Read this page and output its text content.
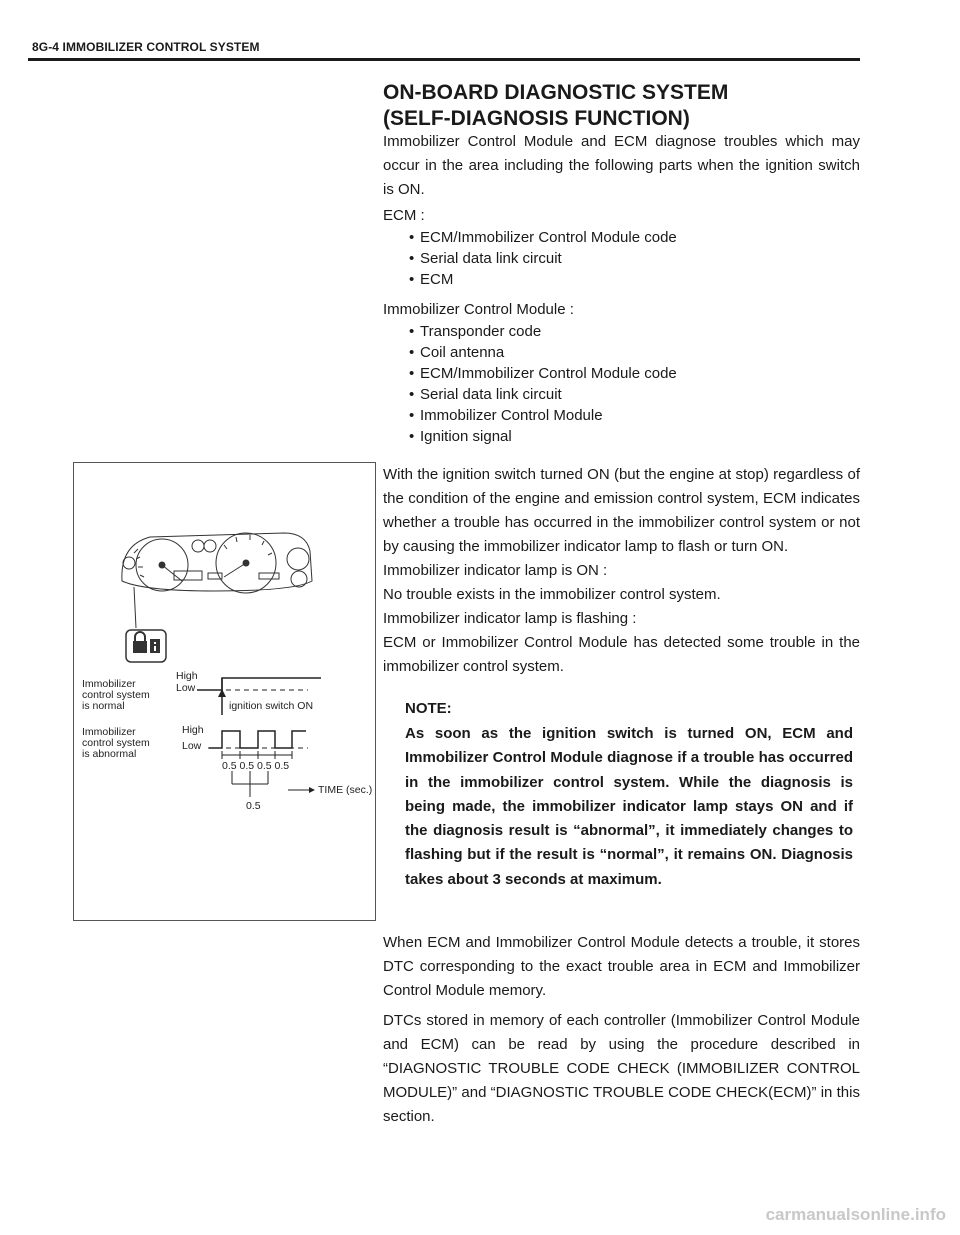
8G-4 IMMOBILIZER CONTROL SYSTEM
ON-BOARD DIAGNOSTIC SYSTEM
(SELF-DIAGNOSIS FUNCTION)

Immobilizer Control Module and ECM diagnose troubles which may occur in the area including the following parts when the ignition switch is ON.

ECM :

• ECM/Immobilizer Control Module code
• Serial data link circuit
• ECM

Immobilizer Control Module :

• Transponder code
• Coil antenna
• ECM/Immobilizer Control Module code
• Serial data link circuit
• Immobilizer Control Module
• Ignition signal

With the ignition switch turned ON (but the engine at stop) regardless of the condition of the engine and emission control system, ECM indicates whether a trouble has occurred in the immobilizer control system or not by causing the immobilizer indicator lamp to flash or turn ON.

Immobilizer indicator lamp is ON :

No trouble exists in the immobilizer control system.

Immobilizer indicator lamp is flashing :

ECM or Immobilizer Control Module has detected some trouble in the immobilizer control system.

NOTE:

As soon as the ignition switch is turned ON, ECM and Immobilizer Control Module diagnose if a trouble has occurred in the immobilizer control system. While the diagnosis is being made, the immobilizer indicator lamp stays ON and if the diagnosis result is “abnormal”, it immediately changes to flashing but if the result is “normal”, it remains ON. Diagnosis takes about 3 seconds at maximum.

When ECM and Immobilizer Control Module detects a trouble, it stores DTC corresponding to the exact trouble area in ECM and Immobilizer Control Module memory.

DTCs stored in memory of each controller (Immobilizer Control Module and ECM) can be read by using the procedure described in “DIAGNOSTIC TROUBLE CODE CHECK (IMMOBILIZER CONTROL MODULE)” and “DIAGNOSTIC TROUBLE CODE CHECK(ECM)” in this section.

Immobilizer
control system
is normal
Immobilizer
control system
is abnormal
High
Low
ignition switch ON
High
Low
0.5 0.5 0.5 0.5
0.5
TIME (sec.)
carmanualsonline.info
